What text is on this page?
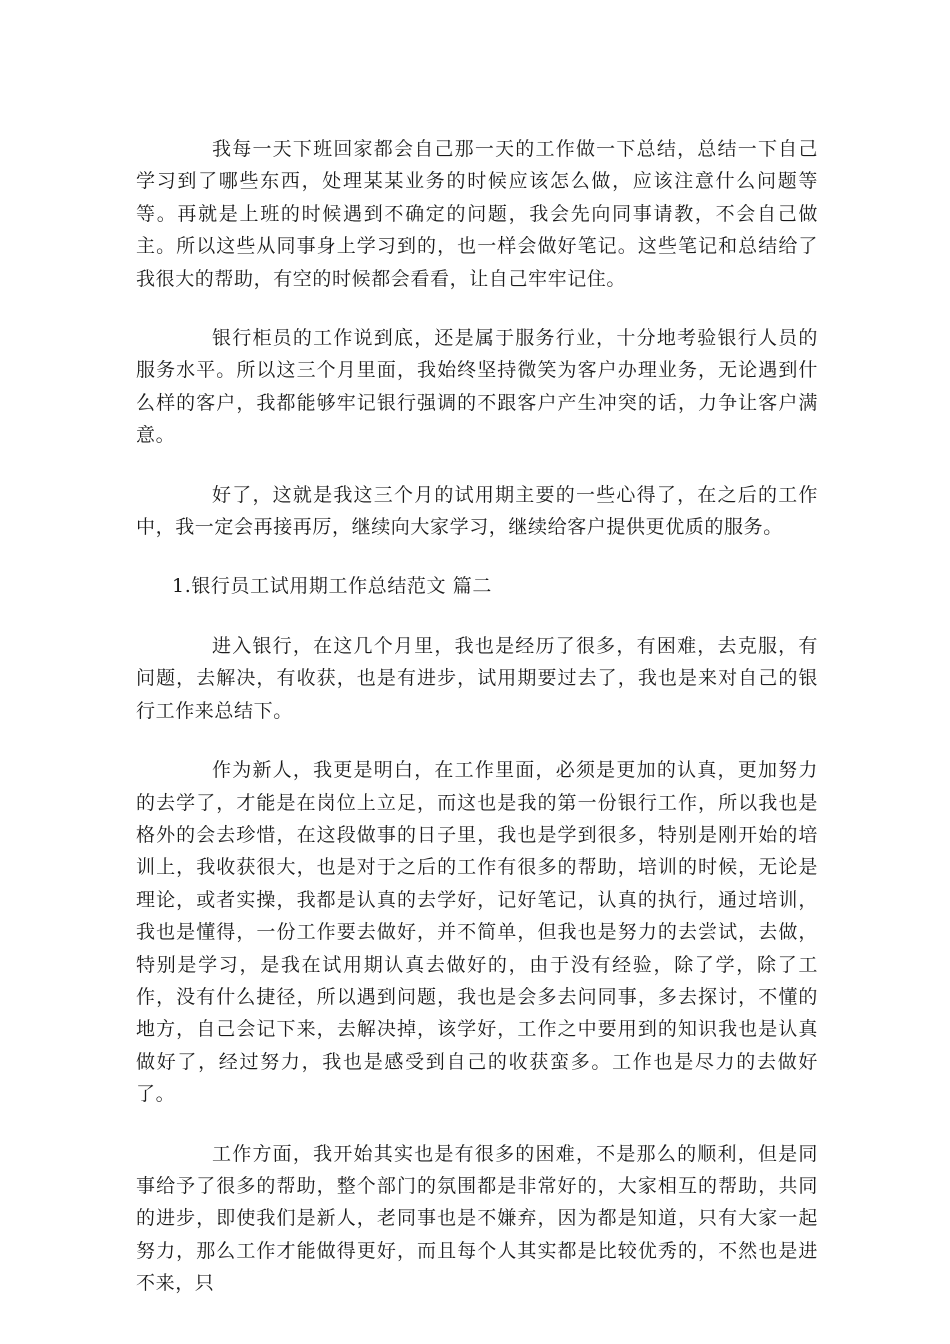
我每一天下班回家都会自己那一天的工作做一下总结，总结一下自己学习到了哪些东西，处理某某业务的时候应该怎么做，应该注意什么问题等等。再就是上班的时候遇到不确定的问题，我会先向同事请教，不会自己做主。所以这些从同事身上学习到的，也一样会做好笔记。这些笔记和总结给了我很大的帮助，有空的时候都会看看，让自己牢牢记住。

银行柜员的工作说到底，还是属于服务行业，十分地考验银行人员的服务水平。所以这三个月里面，我始终坚持微笑为客户办理业务，无论遇到什么样的客户，我都能够牢记银行强调的不跟客户产生冲突的话，力争让客户满意。

好了，这就是我这三个月的试用期主要的一些心得了，在之后的工作中，我一定会再接再厉，继续向大家学习，继续给客户提供更优质的服务。

1.银行员工试用期工作总结范文 篇二

进入银行，在这几个月里，我也是经历了很多，有困难，去克服，有问题，去解决，有收获，也是有进步，试用期要过去了，我也是来对自己的银行工作来总结下。

作为新人，我更是明白，在工作里面，必须是更加的认真，更加努力的去学了，才能是在岗位上立足，而这也是我的第一份银行工作，所以我也是格外的会去珍惜，在这段做事的日子里，我也是学到很多，特别是刚开始的培训上，我收获很大，也是对于之后的工作有很多的帮助，培训的时候，无论是理论，或者实操，我都是认真的去学好，记好笔记，认真的执行，通过培训，我也是懂得，一份工作要去做好，并不简单，但我也是努力的去尝试，去做，特别是学习，是我在试用期认真去做好的，由于没有经验，除了学，除了工作，没有什么捷径，所以遇到问题，我也是会多去问同事，多去探讨，不懂的地方，自己会记下来，去解决掉，该学好，工作之中要用到的知识我也是认真做好了，经过努力，我也是感受到自己的收获蛮多。工作也是尽力的去做好了。

工作方面，我开始其实也是有很多的困难，不是那么的顺利，但是同事给予了很多的帮助，整个部门的氛围都是非常好的，大家相互的帮助，共同的进步，即使我们是新人，老同事也是不嫌弃，因为都是知道，只有大家一起努力，那么工作才能做得更好，而且每个人其实都是比较优秀的，不然也是进不来，只
